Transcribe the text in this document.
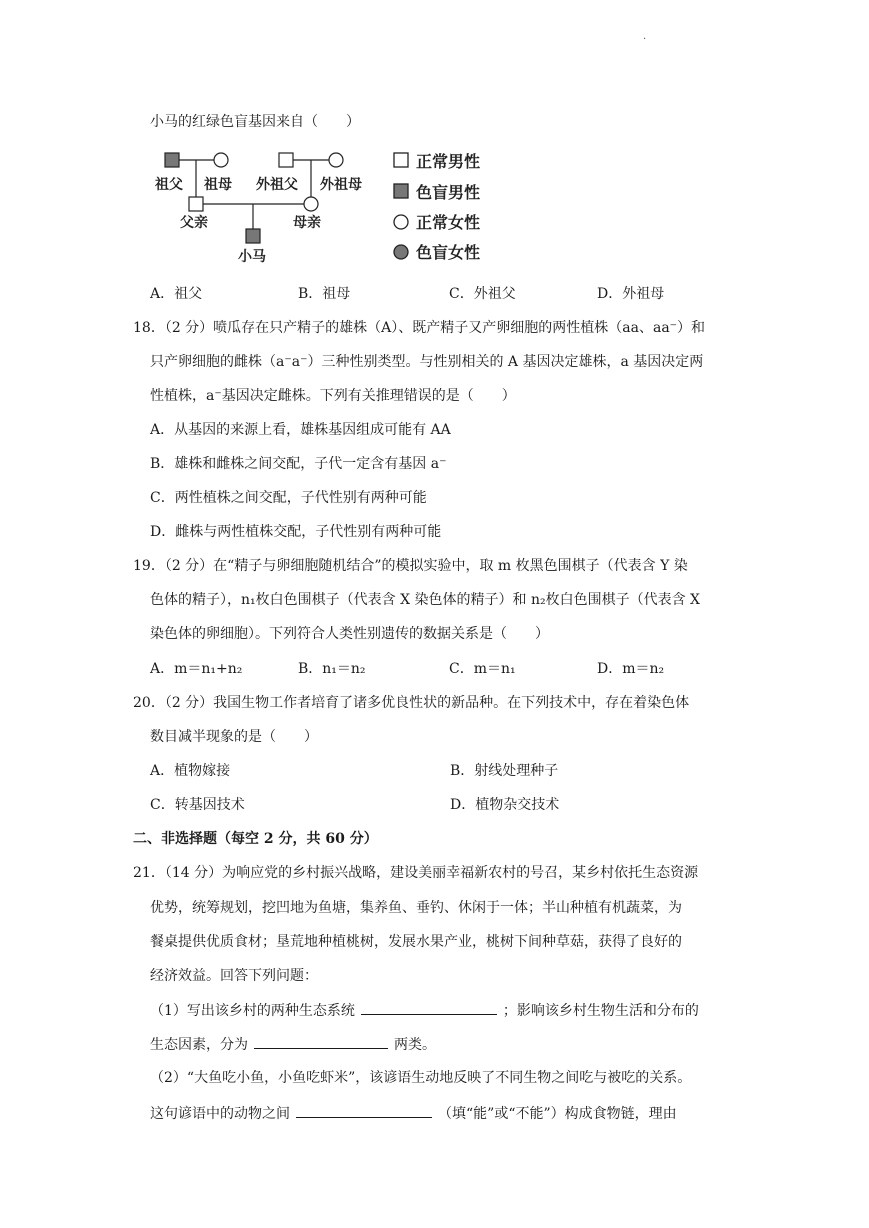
·
小马的红绿色盲基因来自（　　）
祖父 祖母 外祖父 外祖母
父亲	母亲
小马
正常男性
色盲男性
正常女性
色盲女性
A．祖父	B．祖母	C．外祖父	D．外祖母
18．（2 分）喷瓜存在只产精子的雄株（A）、既产精子又产卵细胞的两性植株（aa、aa⁻）和
只产卵细胞的雌株（a⁻a⁻）三种性别类型。与性别相关的 A 基因决定雄株，a 基因决定两
性植株，a⁻基因决定雌株。下列有关推理错误的是（　　）
A．从基因的来源上看，雄株基因组成可能有 AA
B．雄株和雌株之间交配，子代一定含有基因 a⁻
C．两性植株之间交配，子代性别有两种可能
D．雌株与两性植株交配，子代性别有两种可能
19．（2 分）在“精子与卵细胞随机结合”的模拟实验中，取 m 枚黑色围棋子（代表含 Y 染
色体的精子），n₁枚白色围棋子（代表含 X 染色体的精子）和 n₂枚白色围棋子（代表含 X
染色体的卵细胞）。下列符合人类性别遗传的数据关系是（　　）
A．m＝n₁+n₂	B．n₁＝n₂	C．m＝n₁	D．m＝n₂
20．（2 分）我国生物工作者培育了诸多优良性状的新品种。在下列技术中，存在着染色体
数目减半现象的是（　　）
A．植物嫁接	B．射线处理种子
C．转基因技术	D．植物杂交技术
二、非选择题（每空 2 分，共 60 分）
21．（14 分）为响应党的乡村振兴战略，建设美丽幸福新农村的号召，某乡村依托生态资源
优势，统筹规划，挖凹地为鱼塘，集养鱼、垂钓、休闲于一体；半山种植有机蔬菜，为
餐桌提供优质食材；垦荒地种植桃树，发展水果产业，桃树下间种草菇，获得了良好的
经济效益。回答下列问题：
（1）写出该乡村的两种生态系统	；影响该乡村生物生活和分布的
生态因素，分为	两类。
（2）“大鱼吃小鱼，小鱼吃虾米”，该谚语生动地反映了不同生物之间吃与被吃的关系。
这句谚语中的动物之间	（填“能”或“不能”）构成食物链，理由
